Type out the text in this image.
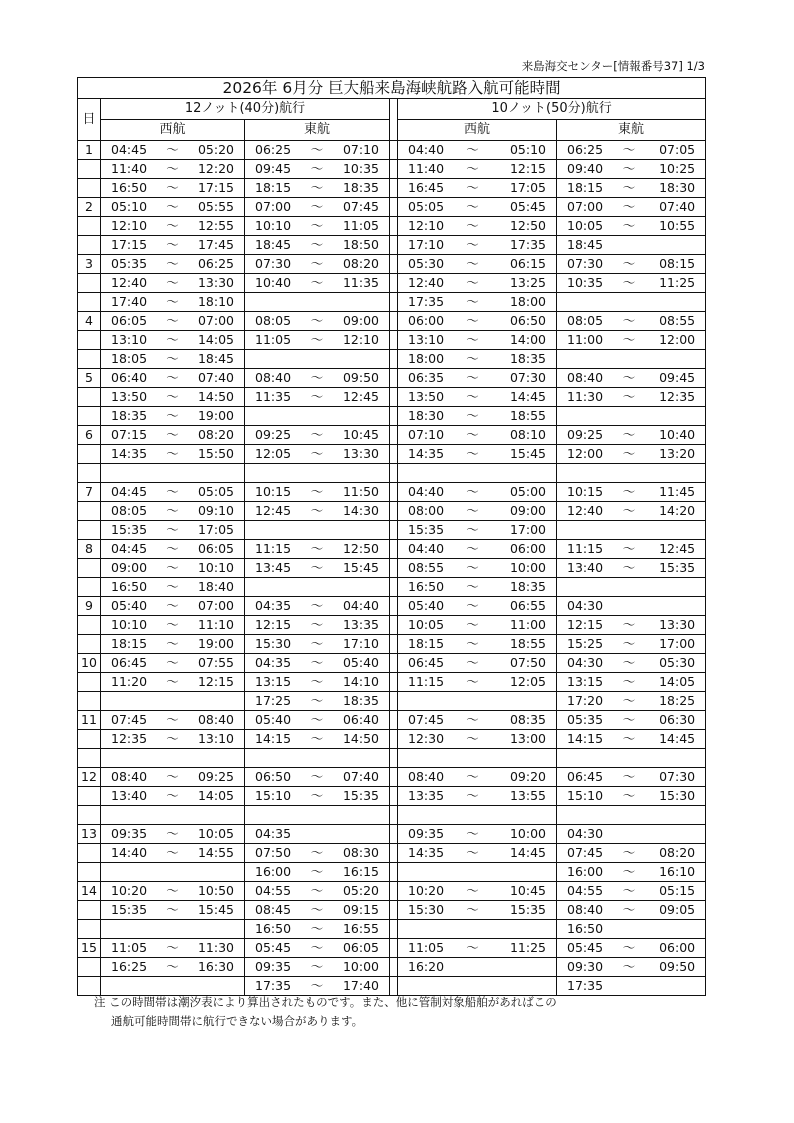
来島海交センター[情報番号37] 1/3
2026年 6月分 巨大船来島海峡航路入航可能時間													
日	12ノット(40分)航行							10ノット(50分)航行					
	西航			東航				西航			東航		
1	04:45	～	05:20	06:25	～	07:10		04:40	～	05:10	06:25	～	07:05
	11:40	～	12:20	09:45	～	10:35		11:40	～	12:15	09:40	～	10:25
	16:50	～	17:15	18:15	～	18:35		16:45	～	17:05	18:15	～	18:30
2	05:10	～	05:55	07:00	～	07:45		05:05	～	05:45	07:00	～	07:40
	12:10	～	12:55	10:10	～	11:05		12:10	～	12:50	10:05	～	10:55
	17:15	～	17:45	18:45	～	18:50		17:10	～	17:35	18:45		
3	05:35	～	06:25	07:30	～	08:20		05:30	～	06:15	07:30	～	08:15
	12:40	～	13:30	10:40	～	11:35		12:40	～	13:25	10:35	～	11:25
	17:40	～	18:10					17:35	～	18:00			
4	06:05	～	07:00	08:05	～	09:00		06:00	～	06:50	08:05	～	08:55
	13:10	～	14:05	11:05	～	12:10		13:10	～	14:00	11:00	～	12:00
	18:05	～	18:45					18:00	～	18:35			
5	06:40	～	07:40	08:40	～	09:50		06:35	～	07:30	08:40	～	09:45
	13:50	～	14:50	11:35	～	12:45		13:50	～	14:45	11:30	～	12:35
	18:35	～	19:00					18:30	～	18:55			
6	07:15	～	08:20	09:25	～	10:45		07:10	～	08:10	09:25	～	10:40
	14:35	～	15:50	12:05	～	13:30		14:35	～	15:45	12:00	～	13:20

7	04:45	～	05:05	10:15	～	11:50		04:40	～	05:00	10:15	～	11:45
	08:05	～	09:10	12:45	～	14:30		08:00	～	09:00	12:40	～	14:20
	15:35	～	17:05					15:35	～	17:00			
8	04:45	～	06:05	11:15	～	12:50		04:40	～	06:00	11:15	～	12:45
	09:00	～	10:10	13:45	～	15:45		08:55	～	10:00	13:40	～	15:35
	16:50	～	18:40					16:50	～	18:35			
9	05:40	～	07:00	04:35	～	04:40		05:40	～	06:55	04:30		
	10:10	～	11:10	12:15	～	13:35		10:05	～	11:00	12:15	～	13:30
	18:15	～	19:00	15:30	～	17:10		18:15	～	18:55	15:25	～	17:00
10	06:45	～	07:55	04:35	～	05:40		06:45	～	07:50	04:30	～	05:30
	11:20	～	12:15	13:15	～	14:10		11:15	～	12:05	13:15	～	14:05
				17:25	～	18:35					17:20	～	18:25
11	07:45	～	08:40	05:40	～	06:40		07:45	～	08:35	05:35	～	06:30
	12:35	～	13:10	14:15	～	14:50		12:30	～	13:00	14:15	～	14:45

12	08:40	～	09:25	06:50	～	07:40		08:40	～	09:20	06:45	～	07:30
	13:40	～	14:05	15:10	～	15:35		13:35	～	13:55	15:10	～	15:30

13	09:35	～	10:05	04:35				09:35	～	10:00	04:30		
	14:40	～	14:55	07:50	～	08:30		14:35	～	14:45	07:45	～	08:20
				16:00	～	16:15					16:00	～	16:10
14	10:20	～	10:50	04:55	～	05:20		10:20	～	10:45	04:55	～	05:15
	15:35	～	15:45	08:45	～	09:15		15:30	～	15:35	08:40	～	09:05
				16:50	～	16:55					16:50		
15	11:05	～	11:30	05:45	～	06:05		11:05	～	11:25	05:45	～	06:00
	16:25	～	16:30	09:35	～	10:00		16:20			09:30	～	09:50
				17:35	～	17:40					17:35		
注 この時間帯は潮汐表により算出されたものです。また、他に管制対象船舶があればこの
通航可能時間帯に航行できない場合があります。
